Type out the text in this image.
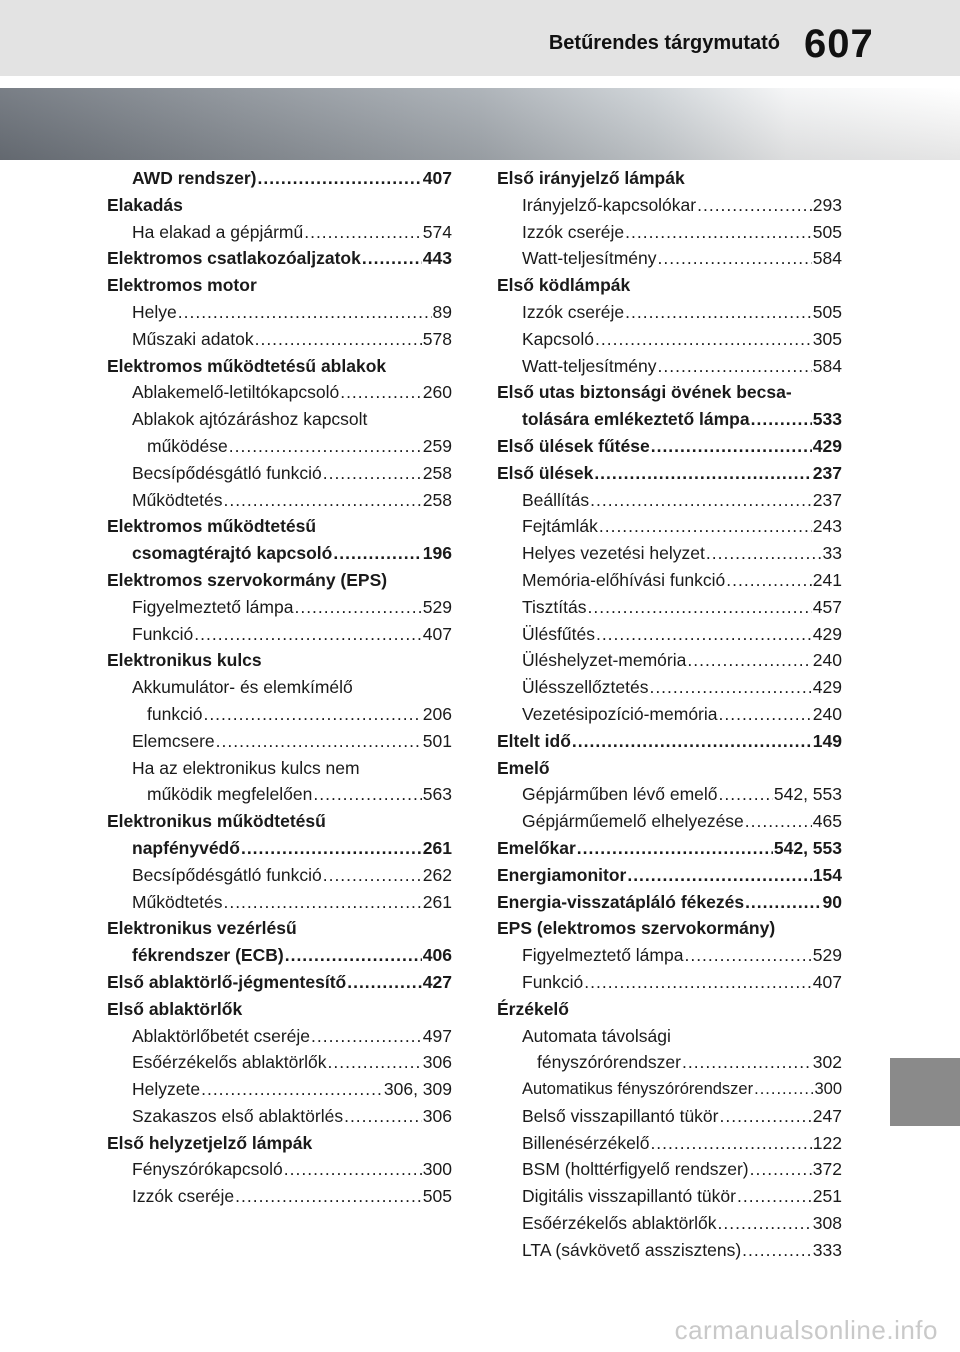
Betűrendes tárgymutató 607
AWD rendszer) .....	407
Elakadás
Ha elakad a gépjármű .....	574
Elektromos csatlakozóaljzatok .....	443
Elektromos motor
Helye .....	89
Műszaki adatok .....	578
Elektromos működtetésű ablakok
Ablakemelő-letiltókapcsoló .....	260
Ablakok ajtózáráshoz kapcsolt
működése .....	259
Becsípődésgátló funkció .....	258
Működtetés .....	258
Elektromos működtetésű
csomagtérajtó kapcsoló .....	196
Elektromos szervokormány (EPS)
Figyelmeztető lámpa .....	529
Funkció .....	407
Elektronikus kulcs
Akkumulátor- és elemkímélő
funkció .....	206
Elemcsere .....	501
Ha az elektronikus kulcs nem
működik megfelelően .....	563
Elektronikus működtetésű
napfényvédő .....	261
Becsípődésgátló funkció .....	262
Működtetés .....	261
Elektronikus vezérlésű
fékrendszer (ECB) .....	406
Első ablaktörlő-jégmentesítő .....	427
Első ablaktörlők
Ablaktörlőbetét cseréje .....	497
Esőérzékelős ablaktörlők .....	306
Helyzete .....	306, 309
Szakaszos első ablaktörlés .....	306
Első helyzetjelző lámpák
Fényszórókapcsoló .....	300
Izzók cseréje .....	505
Első irányjelző lámpák
Irányjelző-kapcsolókar .....	293
Izzók cseréje .....	505
Watt-teljesítmény .....	584
Első ködlámpák
Izzók cseréje .....	505
Kapcsoló .....	305
Watt-teljesítmény .....	584
Első utas biztonsági övének becsa-
tolására emlékeztető lámpa .....	533
Első ülések fűtése .....	429
Első ülések .....	237
Beállítás .....	237
Fejtámlák .....	243
Helyes vezetési helyzet .....	33
Memória-előhívási funkció .....	241
Tisztítás .....	457
Ülésfűtés .....	429
Üléshelyzet-memória .....	240
Ülésszellőztetés .....	429
Vezetésipozíció-memória .....	240
Eltelt idő .....	149
Emelő
Gépjárműben lévő emelő .....	542, 553
Gépjárműemelő elhelyezése .....	465
Emelőkar .....	542, 553
Energiamonitor .....	154
Energia-visszatápláló fékezés .....	90
EPS (elektromos szervokormány)
Figyelmeztető lámpa .....	529
Funkció .....	407
Érzékelő
Automata távolsági
fényszórórendszer .....	302
Automatikus fényszórórendszer .....	300
Belső visszapillantó tükör .....	247
Billenésérzékelő .....	122
BSM (holttérfigyelő rendszer) .....	372
Digitális visszapillantó tükör .....	251
Esőérzékelős ablaktörlők .....	308
LTA (sávkövető asszisztens) .....	333
carmanualsonline.info
